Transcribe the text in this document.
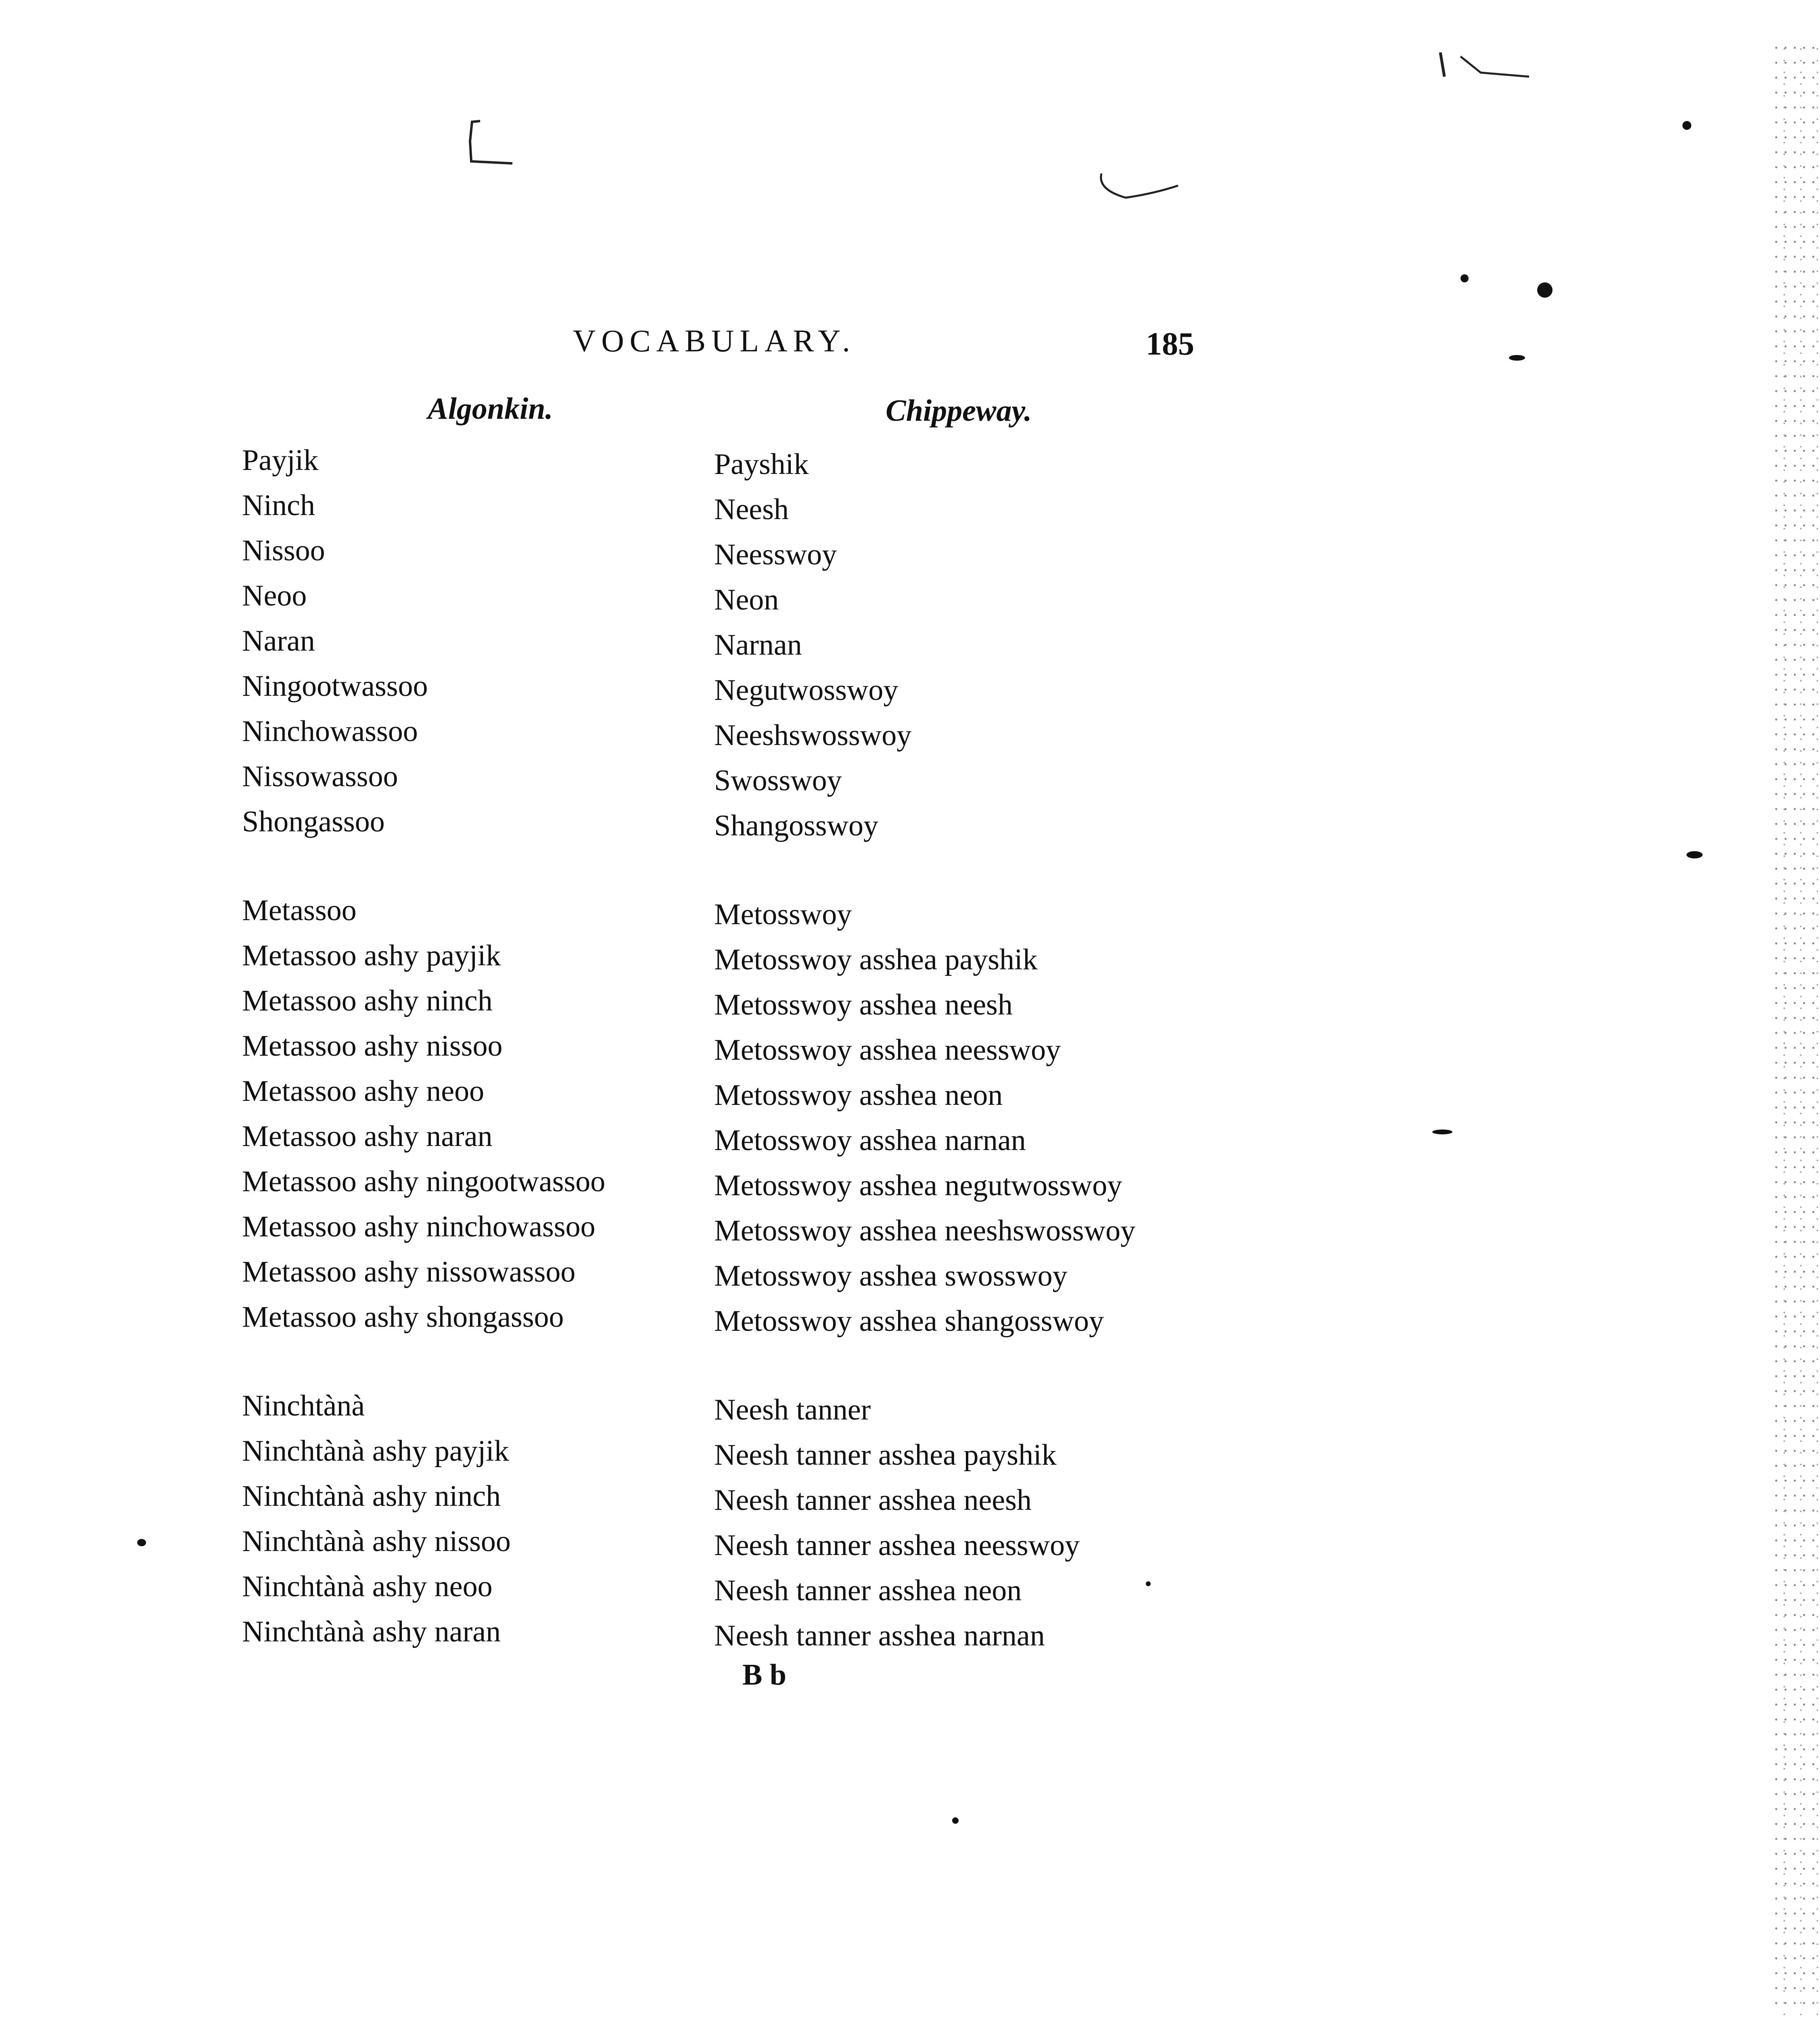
VOCABULARY.	185
Algonkin.	Chippeway.
Payjik
Ninch
Nissoo
Neoo
Naran
Ningootwassoo
Ninchowassoo
Nissowassoo
Shongassoo
Metassoo
Metassoo ashy payjik
Metassoo ashy ninch
Metassoo ashy nissoo
Metassoo ashy neoo
Metassoo ashy naran
Metassoo ashy ningootwassoo
Metassoo ashy ninchowassoo
Metassoo ashy nissowassoo
Metassoo ashy shongassoo
Ninchtànà
Ninchtànà ashy payjik
Ninchtànà ashy ninch
Ninchtànà ashy nissoo
Ninchtànà ashy neoo
Ninchtànà ashy naran
Payshik
Neesh
Neesswoy
Neon
Narnan
Negutwosswoy
Neeshswosswoy
Swosswoy
Shangosswoy
Metosswoy
Metosswoy asshea payshik
Metosswoy asshea neesh
Metosswoy asshea neesswoy
Metosswoy asshea neon
Metosswoy asshea narnan
Metosswoy asshea negutwosswoy
Metosswoy asshea neeshswosswoy
Metosswoy asshea swosswoy
Metosswoy asshea shangosswoy
Neesh tanner
Neesh tanner asshea payshik
Neesh tanner asshea neesh
Neesh tanner asshea neesswoy
Neesh tanner asshea neon
Neesh tanner asshea narnan
B b
